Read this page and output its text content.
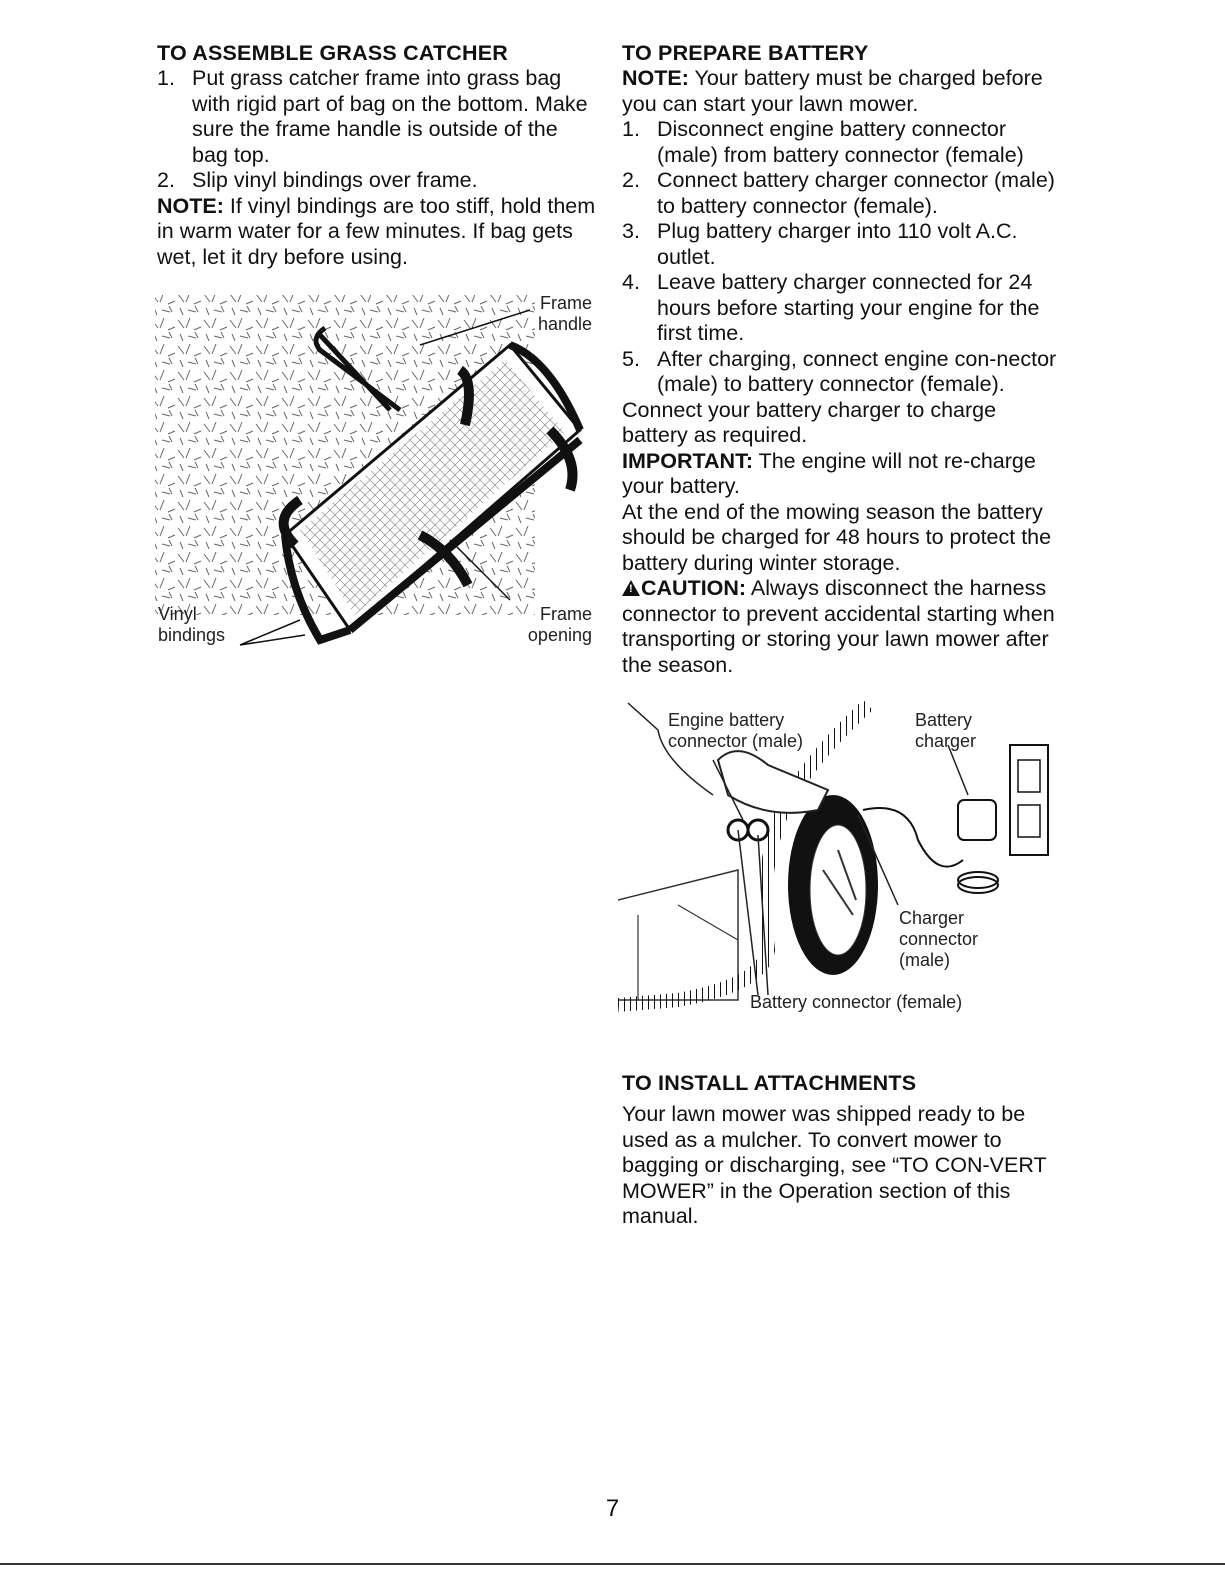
TO ASSEMBLE GRASS CATCHER
1. Put grass catcher frame into grass bag with rigid part of bag on the bottom. Make sure the frame handle is outside of the bag top.
2. Slip vinyl bindings over frame.

NOTE: If vinyl bindings are too stiff, hold them in warm water for a few minutes. If bag gets wet, let it dry before using.

Frame
handle
Vinyl
bindings
Frame
opening
TO PREPARE BATTERY

NOTE: Your battery must be charged before you can start your lawn mower.

1. Disconnect engine battery connector (male) from battery connector (female)
2. Connect battery charger connector (male) to battery connector (female).
3. Plug battery charger into 110 volt A.C. outlet.
4. Leave battery charger connected for 24 hours before starting your engine for the first time.
5. After charging, connect engine con-nector (male) to battery connector (female).

Connect your battery charger to charge battery as required.

IMPORTANT: The engine will not re-charge your battery.

At the end of the mowing season the battery should be charged for 48 hours to protect the battery during winter storage.

!CAUTION: Always disconnect the harness connector to prevent accidental starting when transporting or storing your lawn mower after the season.

Engine battery
connector (male)
Battery
charger
Charger
connector
(male)
Battery connector (female)
TO INSTALL ATTACHMENTS

Your lawn mower was shipped ready to be used as a mulcher. To convert mower to bagging or discharging, see “TO CON-VERT MOWER” in the Operation section of this manual.

7
